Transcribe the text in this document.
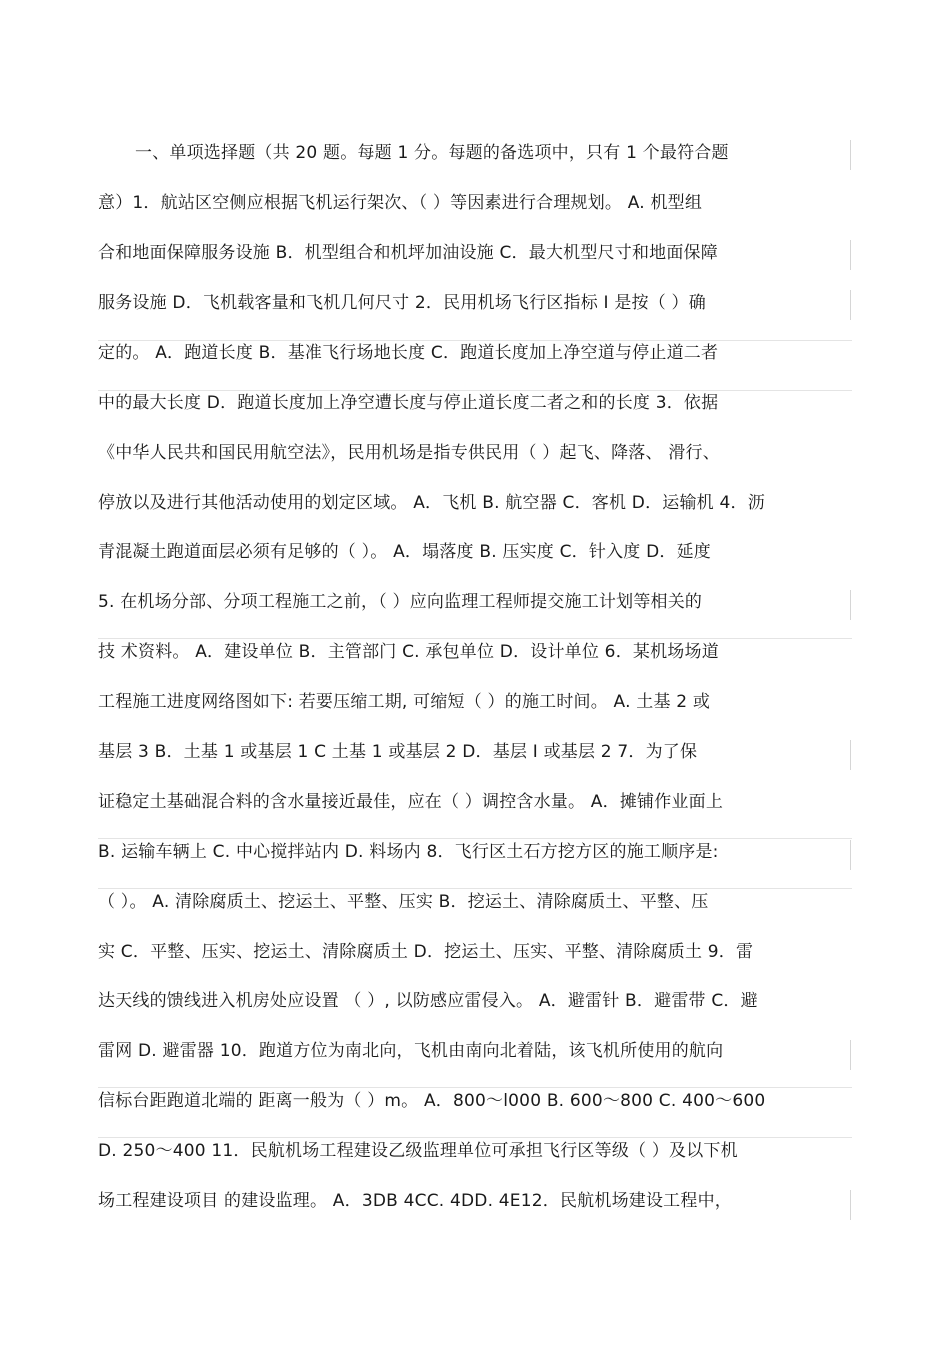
一、单项选择题（共 20 题。每题 1 分。每题的备选项中，只有 1 个最符合题
意）1．航站区空侧应根据飞机运行架次、（ ）等因素进行合理规划。 A. 机型组
合和地面保障服务设施 B．机型组合和机坪加油设施 C．最大机型尺寸和地面保障
服务设施 D．飞机载客量和飞机几何尺寸 2．民用机场飞行区指标 I 是按（ ）确
定的。 A．跑道长度 B．基准飞行场地长度 C．跑道长度加上净空道与停止道二者
中的最大长度 D．跑道长度加上净空遭长度与停止道长度二者之和的长度 3．依据
《中华人民共和国民用航空法》，民用机场是指专供民用（ ）起飞、降落、 滑行、
停放以及进行其他活动使用的划定区域。 A．飞机 B. 航空器 C．客机 D．运输机 4．沥
青混凝土跑道面层必须有足够的（ ）。 A．塌落度 B. 压实度 C．针入度 D．延度
5. 在机场分部、分项工程施工之前，（ ）应向监理工程师提交施工计划等相关的
技 术资料。 A．建设单位 B．主管部门 C. 承包单位 D．设计单位 6．某机场场道
工程施工进度网络图如下: 若要压缩工期, 可缩短（ ）的施工时间。 A. 土基 2 或
基层 3 B．土基 1 或基层 1 C 土基 1 或基层 2 D．基层 I 或基层 2 7．为了保
证稳定土基础混合料的含水量接近最佳，应在（ ）调控含水量。 A．摊铺作业面上
B. 运输车辆上 C. 中心搅拌站内 D. 料场内 8．飞行区土石方挖方区的施工顺序是:
（ ）。 A. 清除腐质土、挖运土、平整、压实 B．挖运土、清除腐质土、平整、压
实 C．平整、压实、挖运土、清除腐质土 D．挖运土、压实、平整、清除腐质土 9．雷
达天线的馈线进入机房处应设置 （ ）, 以防感应雷侵入。 A．避雷针 B．避雷带 C．避
雷网 D. 避雷器 10．跑道方位为南北向，飞机由南向北着陆，该飞机所使用的航向
信标台距跑道北端的 距离一般为（ ）m。 A．800～l000 B. 600～800 C. 400～600
D. 250～400 11．民航机场工程建设乙级监理单位可承担飞行区等级（ ）及以下机
场工程建设项目 的建设监理。 A．3DB 4CC. 4DD. 4E12．民航机场建设工程中，
